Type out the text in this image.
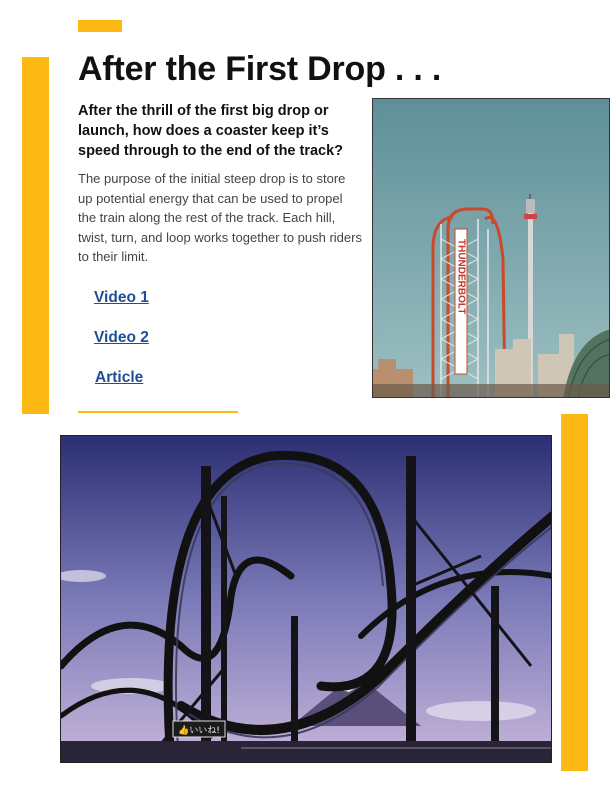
After the First Drop . . .

After the thrill of the first big drop or launch, how does a coaster keep it’s speed through to the end of the track?

The purpose of the initial steep drop is to store up potential energy that can be used to propel the train along the rest of the track. Each hill, twist, turn, and loop works together to push riders to their limit.

Video 1
Video 2
Article
THUNDERBOLT
👍いいね!
